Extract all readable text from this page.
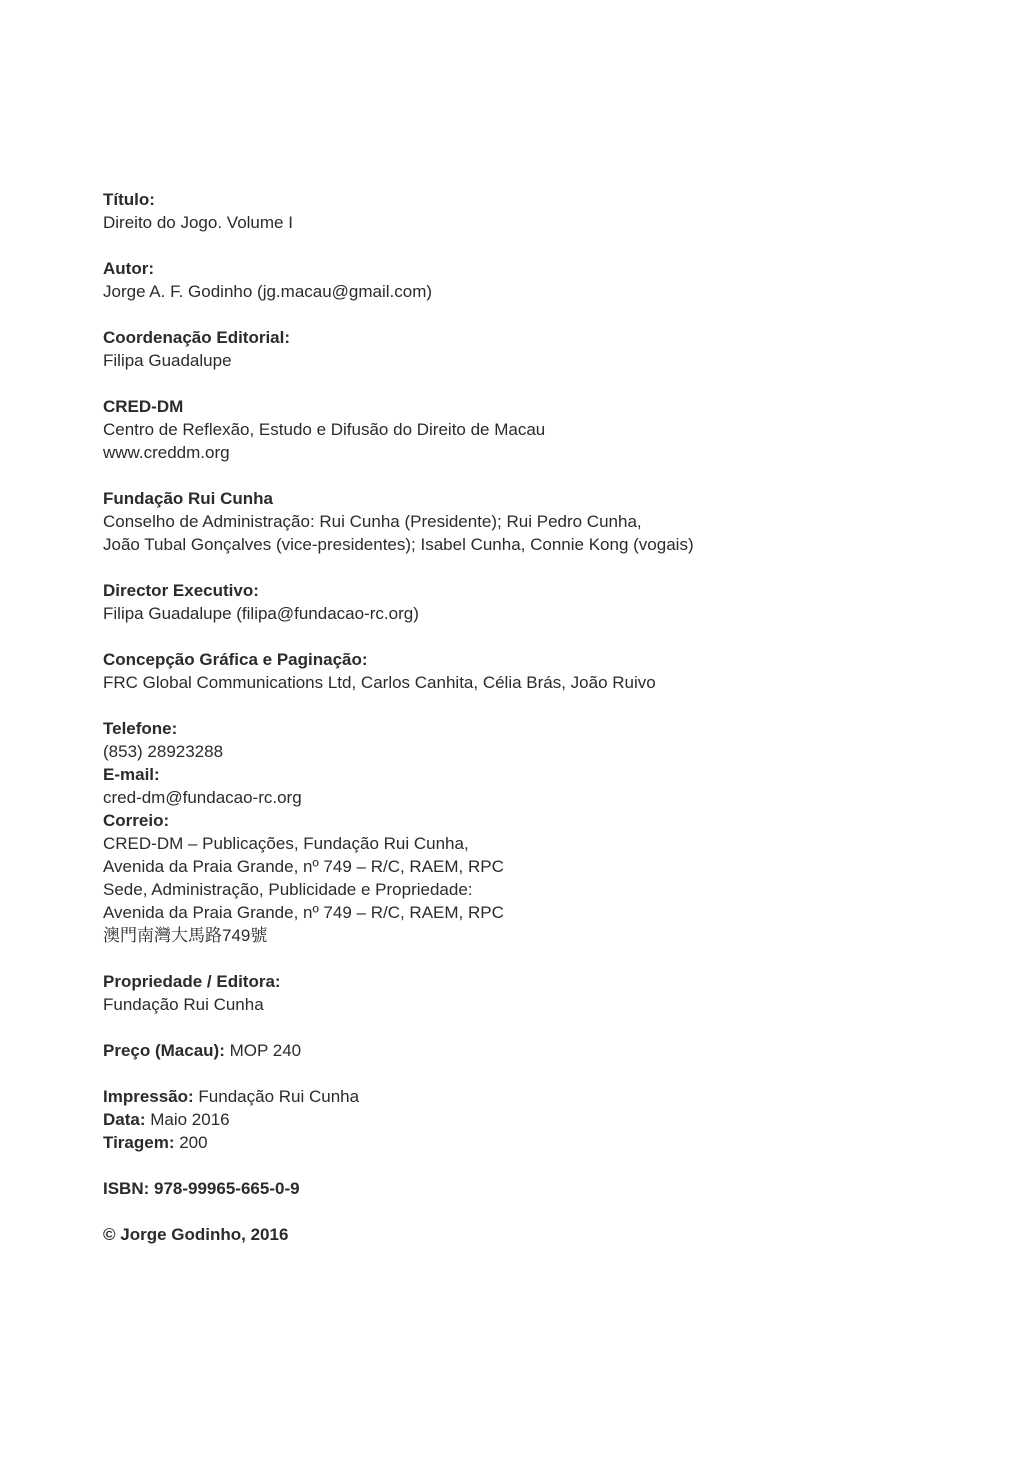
Título:
Direito do Jogo. Volume I
Autor:
Jorge A. F. Godinho (jg.macau@gmail.com)
Coordenação Editorial:
Filipa Guadalupe
CRED-DM
Centro de Reflexão, Estudo e Difusão do Direito de Macau
www.creddm.org
Fundação Rui Cunha
Conselho de Administração: Rui Cunha (Presidente); Rui Pedro Cunha,
João Tubal Gonçalves (vice-presidentes); Isabel Cunha, Connie Kong (vogais)
Director Executivo:
Filipa Guadalupe (filipa@fundacao-rc.org)
Concepção Gráfica e Paginação:
FRC Global Communications Ltd, Carlos Canhita, Célia Brás, João Ruivo
Telefone:
(853) 28923288
E-mail:
cred-dm@fundacao-rc.org
Correio:
CRED-DM – Publicações, Fundação Rui Cunha,
Avenida da Praia Grande, nº 749 – R/C, RAEM, RPC
Sede, Administração, Publicidade e Propriedade:
Avenida da Praia Grande, nº 749 – R/C, RAEM, RPC
澳門南灣大馬路749號
Propriedade / Editora:
Fundação Rui Cunha
Preço (Macau): MOP 240
Impressão: Fundação Rui Cunha
Data: Maio 2016
Tiragem: 200
ISBN: 978-99965-665-0-9
© Jorge Godinho, 2016
